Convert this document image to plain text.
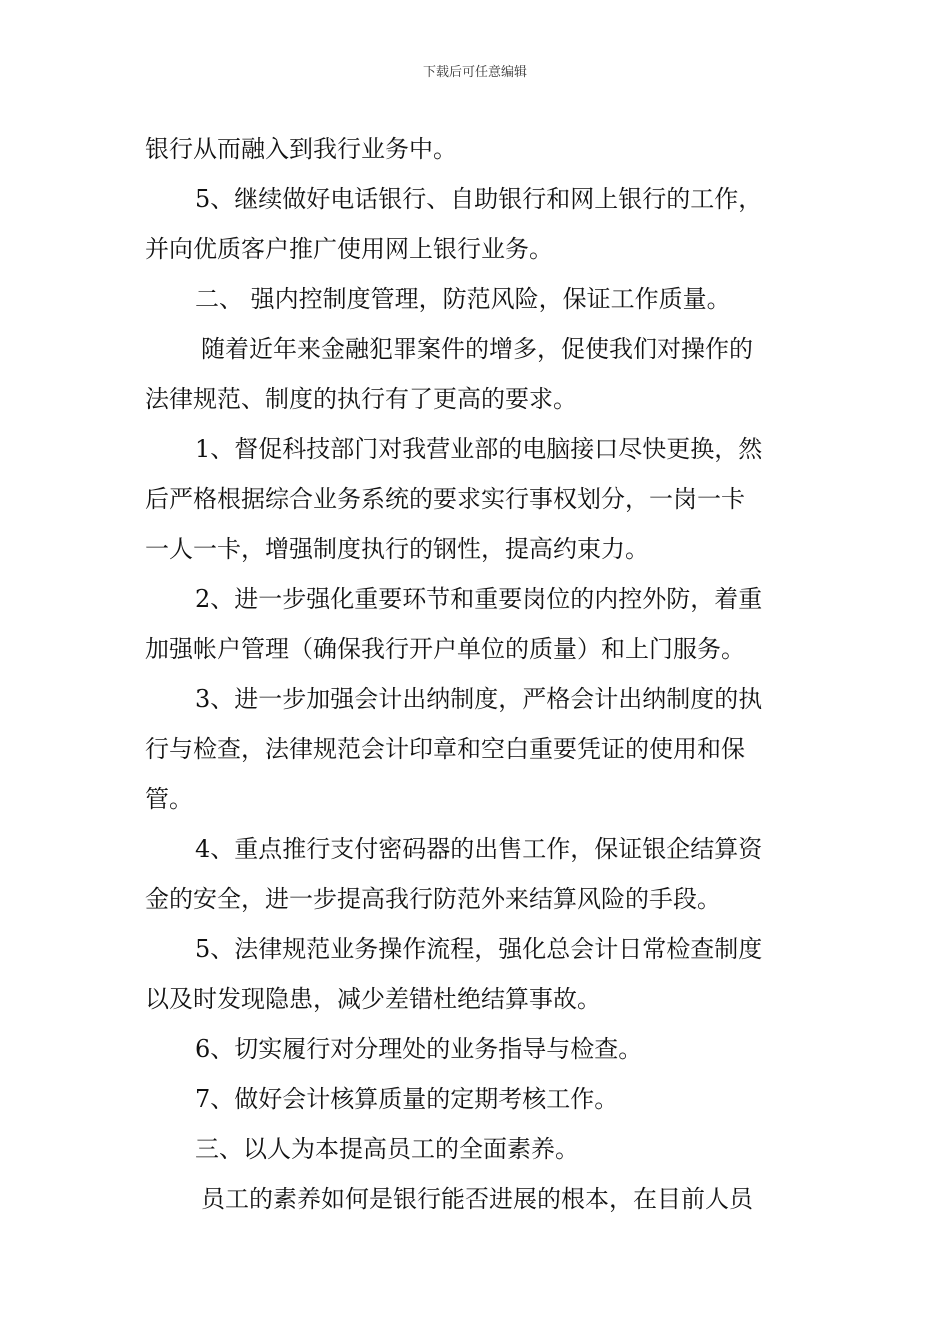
下载后可任意编辑
银行从而融入到我行业务中。
5、继续做好电话银行、自助银行和网上银行的工作，
并向优质客户推广使用网上银行业务。
二、 强内控制度管理，防范风险，保证工作质量。
随着近年来金融犯罪案件的增多，促使我们对操作的
法律规范、制度的执行有了更高的要求。
1、督促科技部门对我营业部的电脑接口尽快更换，然
后严格根据综合业务系统的要求实行事权划分，一岗一卡
一人一卡，增强制度执行的钢性，提高约束力。
2、进一步强化重要环节和重要岗位的内控外防，着重
加强帐户管理（确保我行开户单位的质量）和上门服务。
3、进一步加强会计出纳制度，严格会计出纳制度的执
行与检查，法律规范会计印章和空白重要凭证的使用和保
管。
4、重点推行支付密码器的出售工作，保证银企结算资
金的安全，进一步提高我行防范外来结算风险的手段。
5、法律规范业务操作流程，强化总会计日常检查制度
以及时发现隐患，减少差错杜绝结算事故。
6、切实履行对分理处的业务指导与检查。
7、做好会计核算质量的定期考核工作。
三、以人为本提高员工的全面素养。
员工的素养如何是银行能否进展的根本，在目前人员
